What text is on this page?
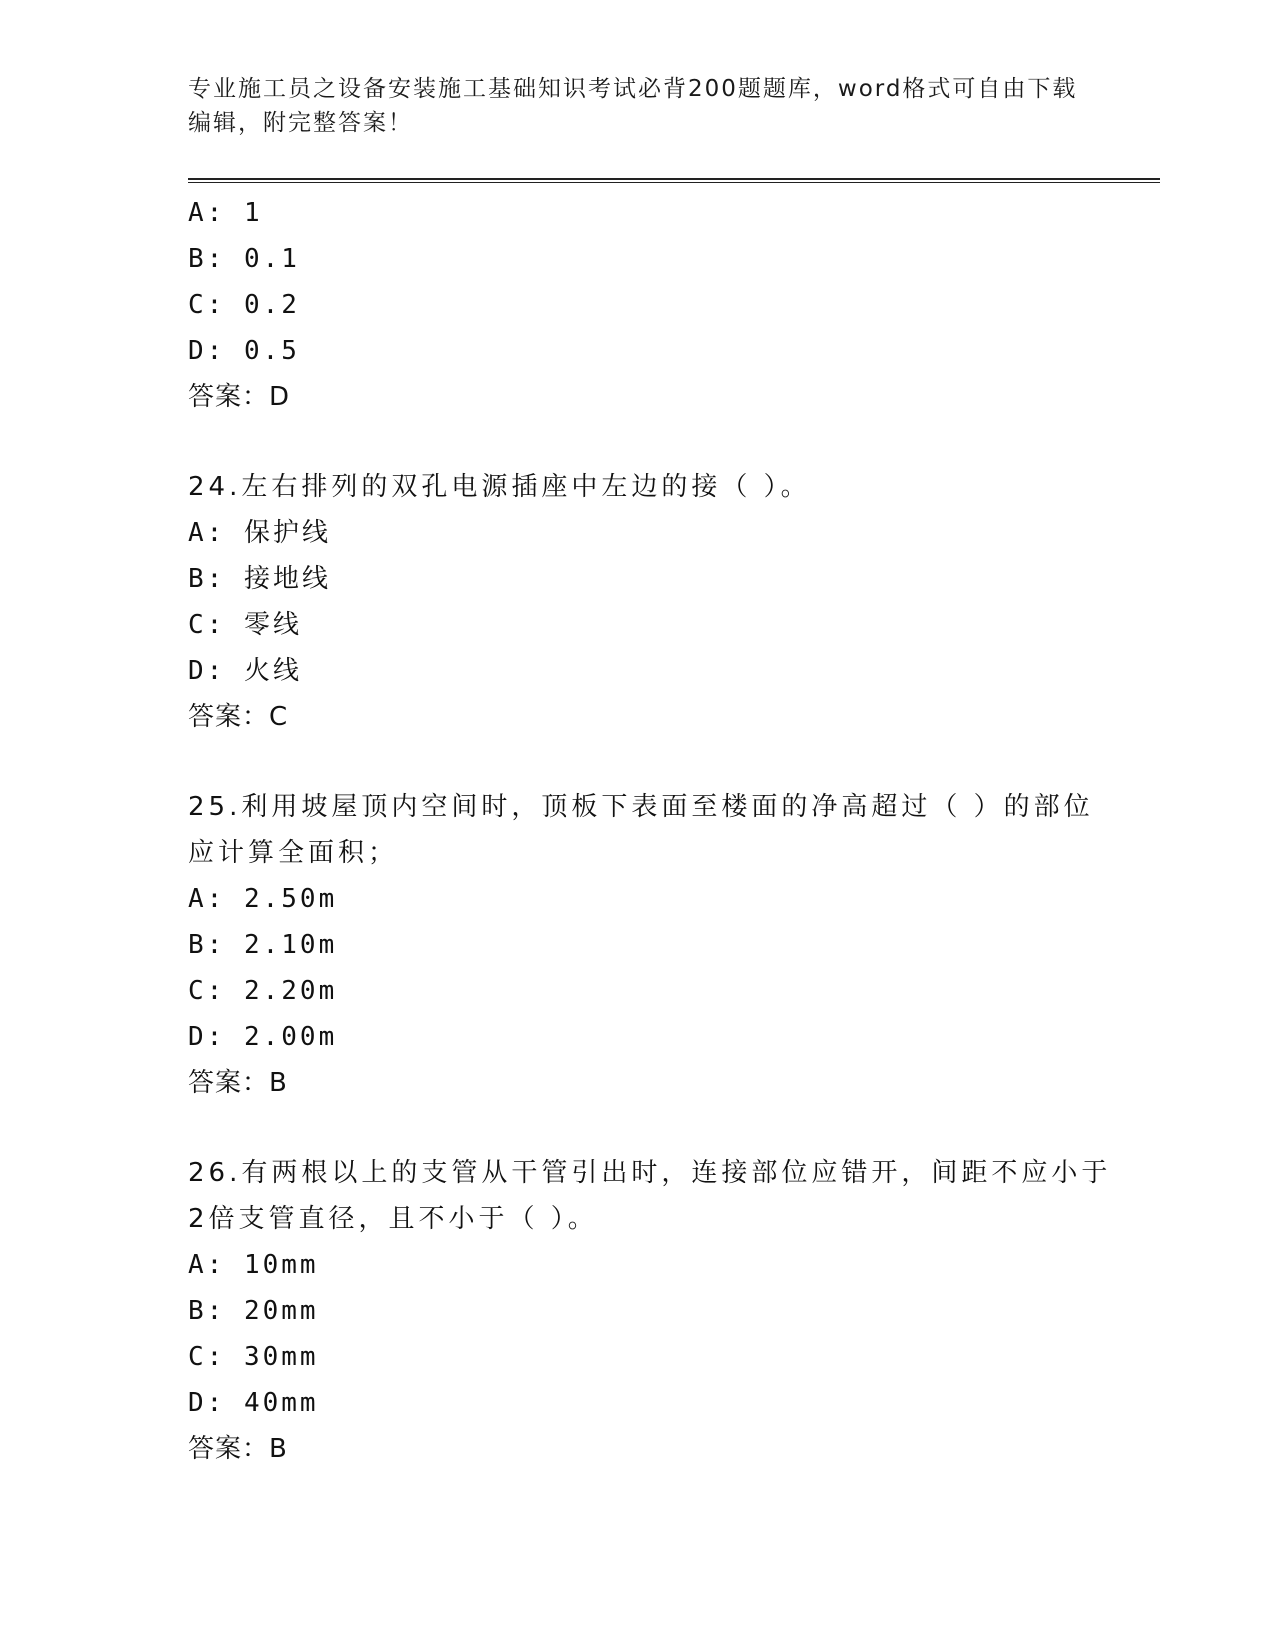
专业施工员之设备安装施工基础知识考试必背200题题库，word格式可自由下载
编辑，附完整答案！
A: 1
B: 0.1
C: 0.2
D: 0.5
答案：D
24.左右排列的双孔电源插座中左边的接（ ）。
A: 保护线
B: 接地线
C: 零线
D: 火线
答案：C
25.利用坡屋顶内空间时，顶板下表面至楼面的净高超过（ ）的部位
应计算全面积；
A: 2.50m
B: 2.10m
C: 2.20m
D: 2.00m
答案：B
26.有两根以上的支管从干管引出时，连接部位应错开，间距不应小于
2倍支管直径，且不小于（ ）。
A: 10mm
B: 20mm
C: 30mm
D: 40mm
答案：B
